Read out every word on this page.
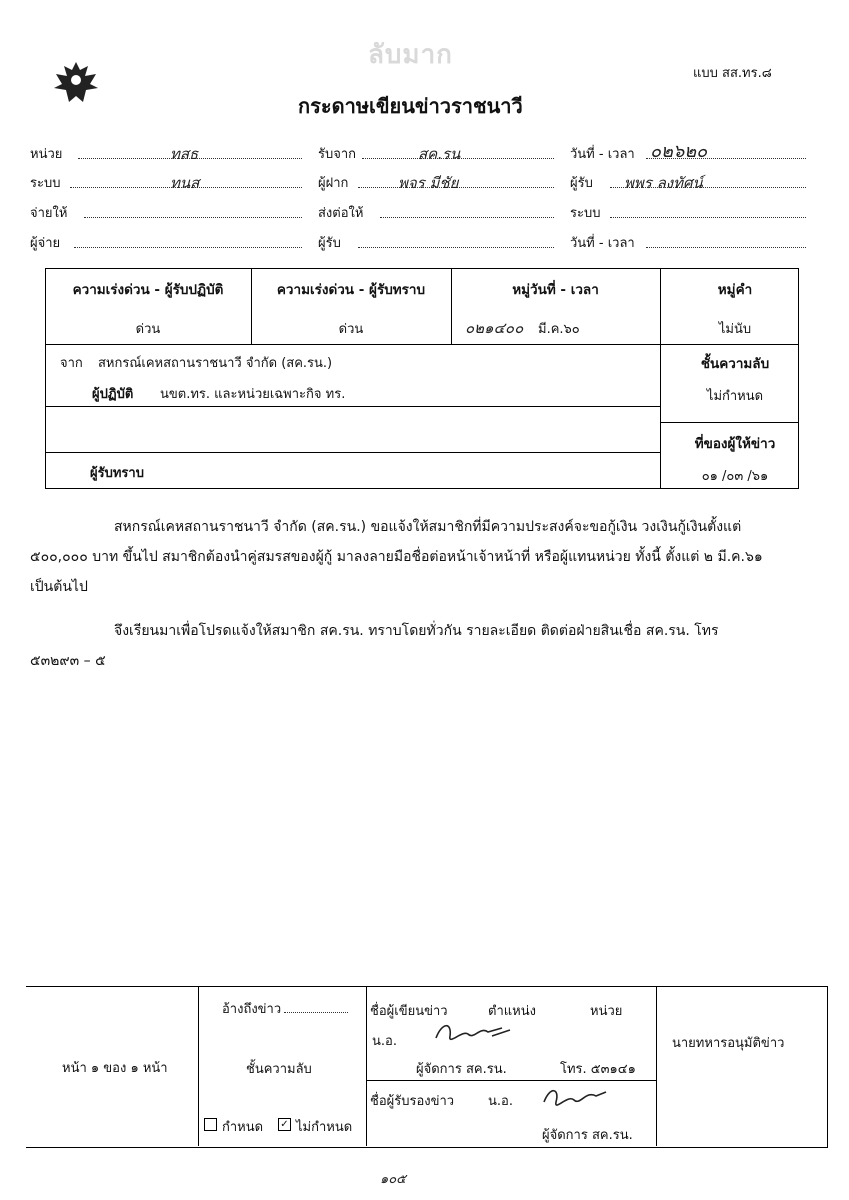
ลับมาก
แบบ สส.ทร.๘
กระดาษเขียนข่าวราชนาวี
หน่วย	ทสธ	รับจาก	สค.รน	วันที่ - เวลา ๐๒๖๒๐
ระบบ	ทนส	ผู้ฝาก	พจร มีชัย	ผู้รับ	พพร ลงทัศน์
จ่ายให้	ส่งต่อให้	ระบบ
ผู้จ่าย	ผู้รับ	วันที่ - เวลา
ความเร่งด่วน - ผู้รับปฏิบัติ	ความเร่งด่วน - ผู้รับทราบ	หมู่วันที่ - เวลา	หมู่คำ
ด่วน	ด่วน	๐๒๑๔๐๐ มี.ค.๖๐	ไม่นับ
จาก สหกรณ์เคหสถานราชนาวี จำกัด (สค.รน.)
ผู้ปฏิบัติ นขต.ทร. และหน่วยเฉพาะกิจ ทร.
ผู้รับทราบ
ชั้นความลับ
ไม่กำหนด
ที่ของผู้ให้ข่าว
๐๑ /๐๓ /๖๑

สหกรณ์เคหสถานราชนาวี จำกัด (สค.รน.) ขอแจ้งให้สมาชิกที่มีความประสงค์จะขอกู้เงิน วงเงินกู้เงินตั้งแต่ ๕๐๐,๐๐๐ บาท ขึ้นไป สมาชิกต้องนำคู่สมรสของผู้กู้ มาลงลายมือชื่อต่อหน้าเจ้าหน้าที่ หรือผู้แทนหน่วย ทั้งนี้ ตั้งแต่ ๒ มี.ค.๖๑ เป็นต้นไป

จึงเรียนมาเพื่อโปรดแจ้งให้สมาชิก สค.รน. ทราบโดยทั่วกัน รายละเอียด ติดต่อฝ่ายสินเชื่อ สค.รน. โทร ๕๓๒๙๓ – ๕

หน้า ๑ ของ ๑ หน้า
อ้างถึงข่าว
ชั้นความลับ
กำหนด ✓ ไม่กำหนด
ชื่อผู้เขียนข่าว	ตำแหน่ง	หน่วย
น.อ.
ผู้จัดการ สค.รน.	โทร. ๕๓๑๔๑
ชื่อผู้รับรองข่าว	น.อ.
ผู้จัดการ สค.รน.
นายทหารอนุมัติข่าว
๑๐๕
